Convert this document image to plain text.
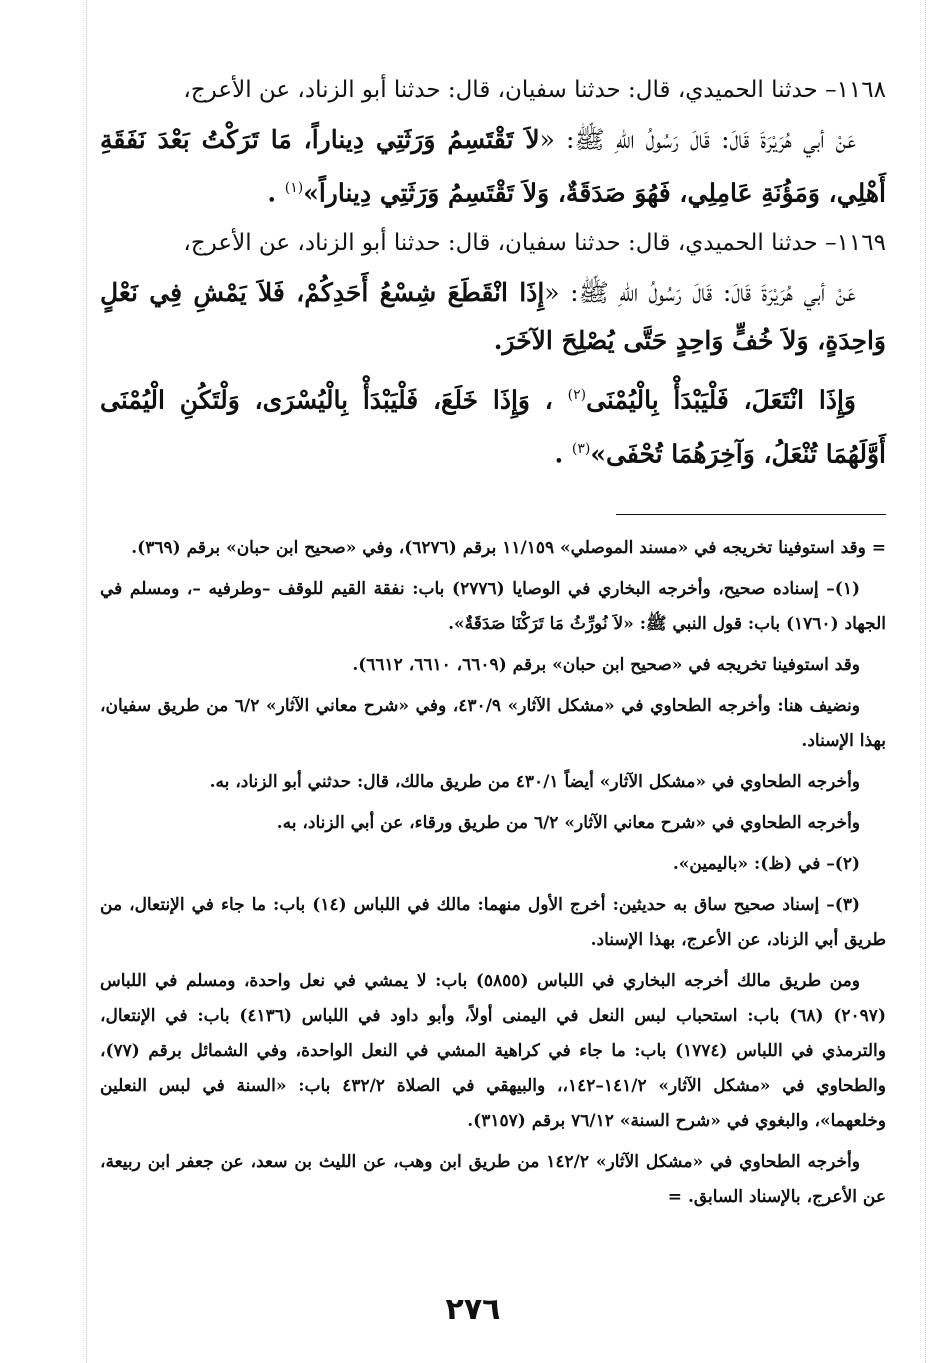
١١٦٨– حدثنا الحميدي، قال: حدثنا سفيان، قال: حدثنا أبو الزناد، عن الأعرج،

عَنْ أبي هُرَيْرَةَ قَالَ: قَالَ رَسُولُ اللهِ ﷺ: «لاَ تَقْتَسِمُ وَرَثَتِي دِيناراً، مَا تَرَكْتُ بَعْدَ نَفَقَةِ أَهْلِي، وَمَؤُنَةِ عَامِلِي، فَهُوَ صَدَقَةٌ، وَلاَ تَقْتَسِمُ وَرَثَتِي دِيناراً»$^{(١)}$ .

١١٦٩– حدثنا الحميدي، قال: حدثنا سفيان، قال: حدثنا أبو الزناد، عن الأعرج،

عَنْ أبي هُرَيْرَةَ قَالَ: قَالَ رَسُولُ اللهِ ﷺ: «إِذَا انْقَطَعَ شِسْعُ أَحَدِكُمْ، فَلاَ يَمْشِ فِي نَعْلٍ وَاحِدَةٍ، وَلاَ خُفٍّ وَاحِدٍ حَتَّى يُصْلِحَ الآخَرَ.

وَإِذَا انْتَعَلَ، فَلْيَبْدَأْ بِالْيُمْنَى$^{(٢)}$ ، وَإِذَا خَلَعَ، فَلْيَبْدَأْ بِالْيُسْرَى، وَلْتَكُنِ الْيُمْنَى أَوَّلَهُمَا تُنْعَلُ، وَآخِرَهُمَا تُحْفَى»$^{(٣)}$ .

= وقد استوفينا تخريجه في «مسند الموصلي» ١١/١٥٩ برقم (٦٢٧٦)، وفي «صحيح ابن حبان» برقم (٣٦٩).

(١)– إسناده صحيح، وأخرجه البخاري في الوصايا (٢٧٧٦) باب: نفقة القيم للوقف –وطرفيه –، ومسلم في الجهاد (١٧٦٠) باب: قول النبي ﷺ: «لاَ نُورِّثُ مَا تَرَكْنَا صَدَقَةٌ».

وقد استوفينا تخريجه في «صحيح ابن حبان» برقم (٦٦٠٩، ٦٦١٠، ٦٦١٢).

ونضيف هنا: وأخرجه الطحاوي في «مشكل الآثار» ٤٣٠/٩، وفي «شرح معاني الآثار» ٦/٢ من طريق سفيان، بهذا الإسناد.

وأخرجه الطحاوي في «مشكل الآثار» أيضاً ٤٣٠/١ من طريق مالك، قال: حدثني أبو الزناد، به.

وأخرجه الطحاوي في «شرح معاني الآثار» ٦/٢ من طريق ورقاء، عن أبي الزناد، به.

(٢)– في (ظ): «باليمين».

(٣)– إسناد صحيح ساق به حديثين: أخرج الأول منهما: مالك في اللباس (١٤) باب: ما جاء في الإنتعال، من طريق أبي الزناد، عن الأعرج، بهذا الإسناد.

ومن طريق مالك أخرجه البخاري في اللباس (٥٨٥٥) باب: لا يمشي في نعل واحدة، ومسلم في اللباس (٢٠٩٧) (٦٨) باب: استحباب لبس النعل في اليمنى أولاً، وأبو داود في اللباس (٤١٣٦) باب: في الإنتعال، والترمذي في اللباس (١٧٧٤) باب: ما جاء في كراهية المشي في النعل الواحدة، وفي الشمائل برقم (٧٧)، والطحاوي في «مشكل الآثار» ١٤١/٢–١٤٢،، والبيهقي في الصلاة ٤٣٢/٢ باب: «السنة في لبس النعلين وخلعهما»، والبغوي في «شرح السنة» ٧٦/١٢ برقم (٣١٥٧).

وأخرجه الطحاوي في «مشكل الآثار» ١٤٢/٢ من طريق ابن وهب، عن الليث بن سعد، عن جعفر ابن ربيعة، عن الأعرج، بالإسناد السابق. =

٢٧٦
